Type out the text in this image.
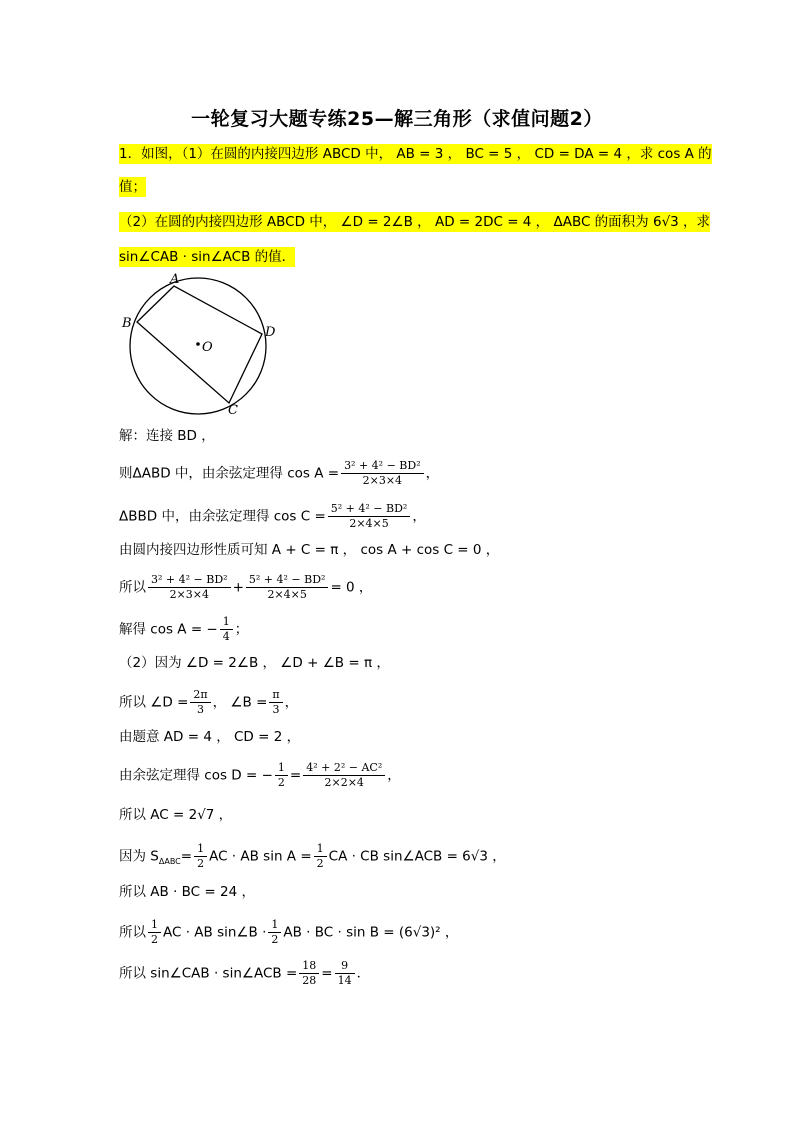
一轮复习大题专练25—解三角形（求值问题2）
1．如图，（1）在圆的内接四边形 ABCD 中， AB = 3 ， BC = 5 ， CD = DA = 4 ，求 cos A 的
值；
（2）在圆的内接四边形 ABCD 中， ∠D = 2∠B ， AD = 2DC = 4 ， ΔABC 的面积为 6√3 ，求
sin∠CAB · sin∠ACB 的值．
A
B
C
D
O
解：连接 BD ，
则ΔABD 中，由余弦定理得 $\cos A = \frac{\text{3² + 4² − BD²}}{2\times 3\times 4}$ ，
ΔBBD 中，由余弦定理得 $\cos C = \frac{\text{5² + 4² − BD²}}{2\times 4\times 5}$ ，
由圆内接四边形性质可知 A + C = π ， cos A + cos C = 0 ，
所以 $\frac{\text{3² + 4² − BD²}}{2\times 3\times 4} + \frac{\text{5² + 4² − BD²}}{2\times 4\times 5} = 0$ ，
解得 cos A = − $\frac{1}{4}$ ；
（2）因为 ∠D = 2∠B ， ∠D + ∠B = π ，
所以 ∠D = $\frac{2\pi}{3}$ ， ∠B = $\frac{\pi}{3}$ ，
由题意 AD = 4 ， CD = 2 ，
由余弦定理得 cos D = − $\frac{1}{2} = \frac{\text{4² + 2² − AC²}}{2\times 2\times 4}$ ，
所以 AC = 2√7 ，
因为 $S_{\Delta ABC}= \frac{1}{2}$ AC · AB $\sin A = \frac{1}{2}$ CA · CB sin∠ACB = 6√3 ，
所以 AB · BC = 24 ，
所以 $\frac{1}{2}$ AC · AB sin∠B · $\frac{1}{2}$ AB · BC · sin B = (6√3)² ，
所以 sin∠CAB · sin∠ACB = $\frac{18}{28} = \frac{9}{14}$ ．
